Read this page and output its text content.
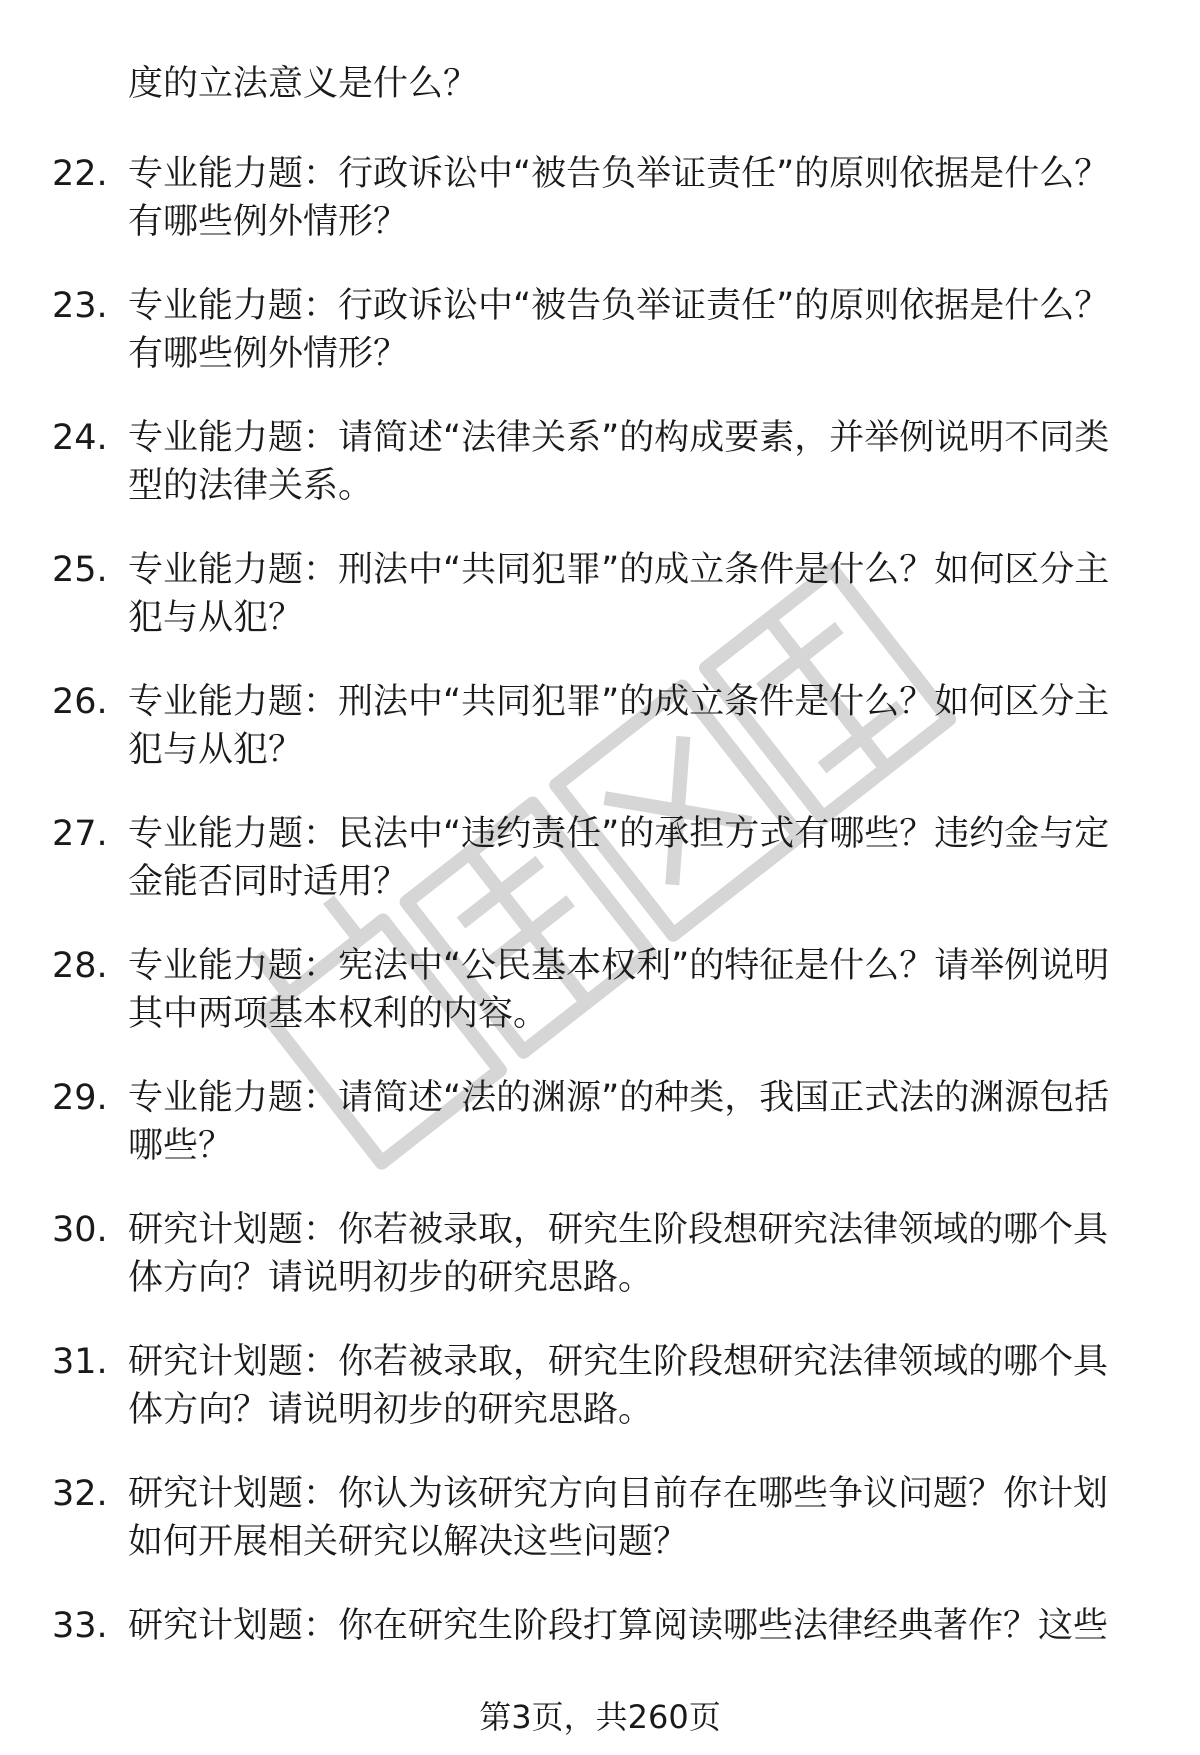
度的立法意义是什么？
22. 专业能力题：行政诉讼中“被告负举证责任”的原则依据是什么？有哪些例外情形？
23. 专业能力题：行政诉讼中“被告负举证责任”的原则依据是什么？有哪些例外情形？
24. 专业能力题：请简述“法律关系”的构成要素，并举例说明不同类型的法律关系。
25. 专业能力题：刑法中“共同犯罪”的成立条件是什么？如何区分主犯与从犯？
26. 专业能力题：刑法中“共同犯罪”的成立条件是什么？如何区分主犯与从犯？
27. 专业能力题：民法中“违约责任”的承担方式有哪些？违约金与定金能否同时适用？
28. 专业能力题：宪法中“公民基本权利”的特征是什么？请举例说明其中两项基本权利的内容。
29. 专业能力题：请简述“法的渊源”的种类，我国正式法的渊源包括哪些？
30. 研究计划题：你若被录取，研究生阶段想研究法律领域的哪个具体方向？请说明初步的研究思路。
31. 研究计划题：你若被录取，研究生阶段想研究法律领域的哪个具体方向？请说明初步的研究思路。
32. 研究计划题：你认为该研究方向目前存在哪些争议问题？你计划如何开展相关研究以解决这些问题？
33. 研究计划题：你在研究生阶段打算阅读哪些法律经典著作？这些
第3页，共260页
